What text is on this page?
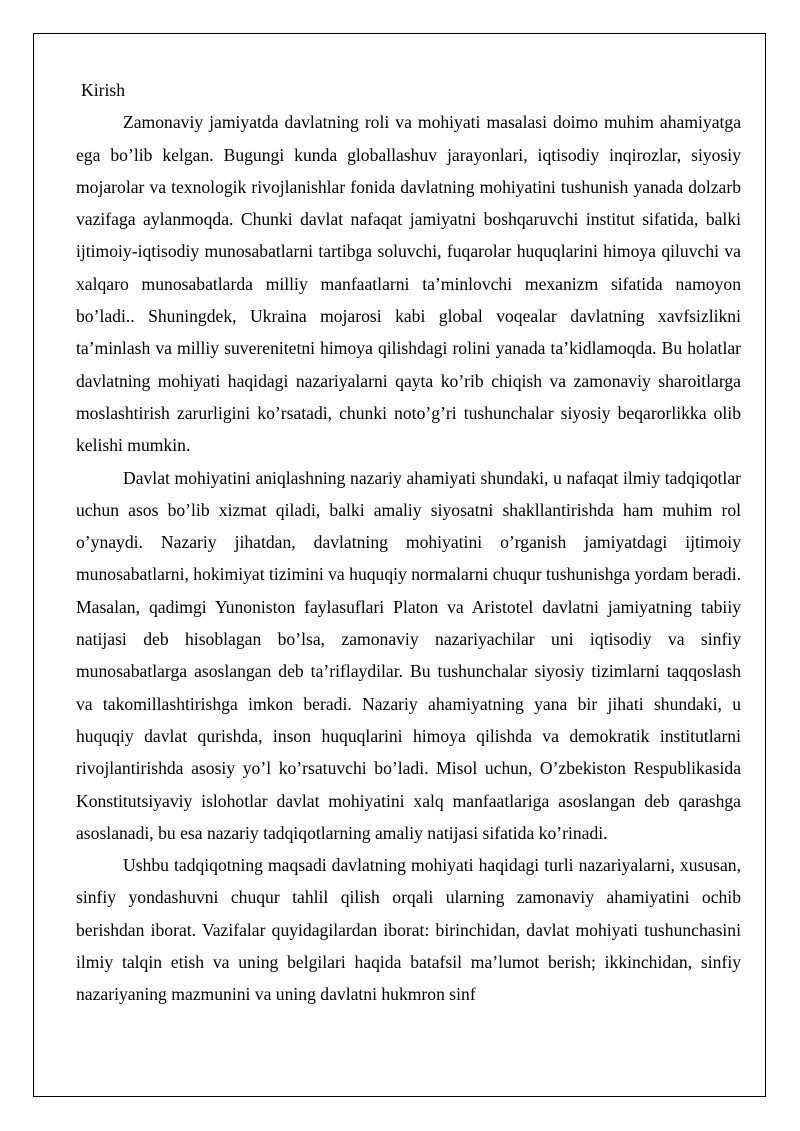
Kirish

Zamonaviy jamiyatda davlatning roli va mohiyati masalasi doimo muhim ahamiyatga ega bo’lib kelgan. Bugungi kunda globallashuv jarayonlari, iqtisodiy inqirozlar, siyosiy mojarolar va texnologik rivojlanishlar fonida davlatning mohiyatini tushunish yanada dolzarb vazifaga aylanmoqda. Chunki davlat nafaqat jamiyatni boshqaruvchi institut sifatida, balki ijtimoiy-iqtisodiy munosabatlarni tartibga soluvchi, fuqarolar huquqlarini himoya qiluvchi va xalqaro munosabatlarda milliy manfaatlarni ta’minlovchi mexanizm sifatida namoyon bo’ladi.. Shuningdek, Ukraina mojarosi kabi global voqealar davlatning xavfsizlikni ta’minlash va milliy suverenitetni himoya qilishdagi rolini yanada ta’kidlamoqda. Bu holatlar davlatning mohiyati haqidagi nazariyalarni qayta ko’rib chiqish va zamonaviy sharoitlarga moslashtirish zarurligini ko’rsatadi, chunki noto’g’ri tushunchalar siyosiy beqarorlikka olib kelishi mumkin.

Davlat mohiyatini aniqlashning nazariy ahamiyati shundaki, u nafaqat ilmiy tadqiqotlar uchun asos bo’lib xizmat qiladi, balki amaliy siyosatni shakllantirishda ham muhim rol o’ynaydi. Nazariy jihatdan, davlatning mohiyatini o’rganish jamiyatdagi ijtimoiy munosabatlarni, hokimiyat tizimini va huquqiy normalarni chuqur tushunishga yordam beradi. Masalan, qadimgi Yunoniston faylasuflari Platon va Aristotel davlatni jamiyatning tabiiy natijasi deb hisoblagan bo’lsa, zamonaviy nazariyachilar uni iqtisodiy va sinfiy munosabatlarga asoslangan deb ta’riflaydilar. Bu tushunchalar siyosiy tizimlarni taqqoslash va takomillashtirishga imkon beradi. Nazariy ahamiyatning yana bir jihati shundaki, u huquqiy davlat qurishda, inson huquqlarini himoya qilishda va demokratik institutlarni rivojlantirishda asosiy yo’l ko’rsatuvchi bo’ladi. Misol uchun, O’zbekiston Respublikasida Konstitutsiyaviy islohotlar davlat mohiyatini xalq manfaatlariga asoslangan deb qarashga asoslanadi, bu esa nazariy tadqiqotlarning amaliy natijasi sifatida ko’rinadi.

Ushbu tadqiqotning maqsadi davlatning mohiyati haqidagi turli nazariyalarni, xususan, sinfiy yondashuvni chuqur tahlil qilish orqali ularning zamonaviy ahamiyatini ochib berishdan iborat. Vazifalar quyidagilardan iborat: birinchidan, davlat mohiyati tushunchasini ilmiy talqin etish va uning belgilari haqida batafsil ma’lumot berish; ikkinchidan, sinfiy nazariyaning mazmunini va uning davlatni hukmron sinf
